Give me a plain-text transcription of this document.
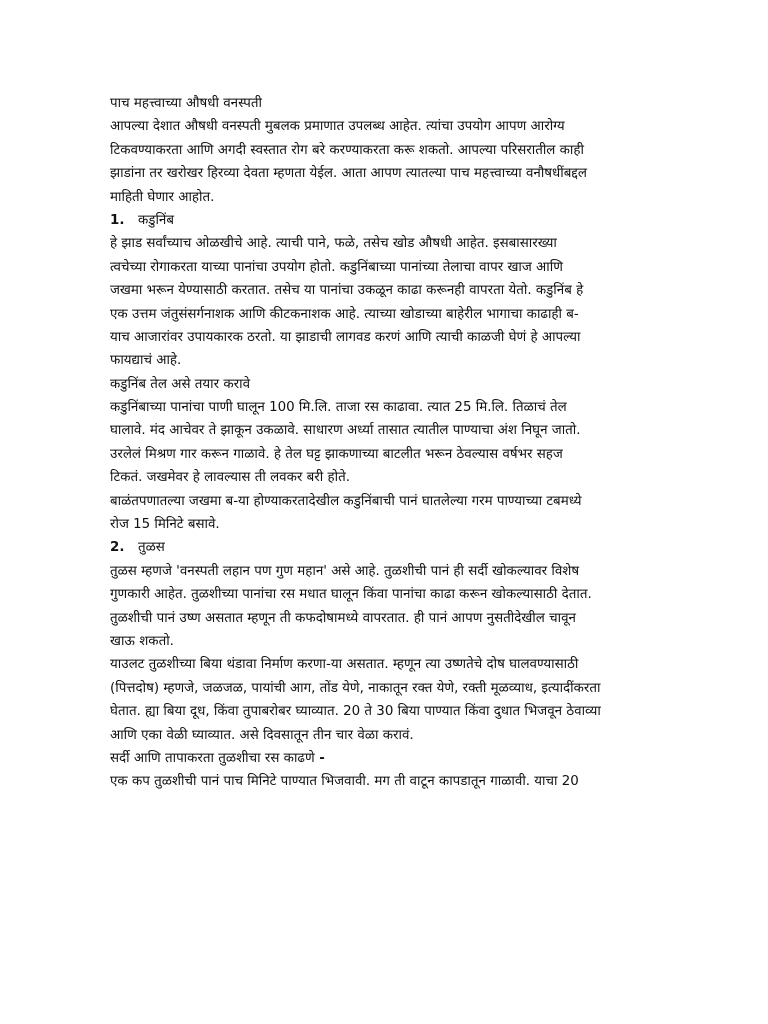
पाच महत्त्वाच्या औषधी वनस्पती
आपल्या देशात औषधी वनस्पती मुबलक प्रमाणात उपलब्ध आहेत. त्यांचा उपयोग आपण आरोग्य
टिकवण्याकरता आणि अगदी स्वस्तात रोग बरे करण्याकरता करू शकतो. आपल्या परिसरातील काही
झाडांना तर खरोखर हिरव्या देवता म्हणता येईल. आता आपण त्यातल्या पाच महत्त्वाच्या वनौषधींबद्दल
माहिती घेणार आहोत.
1. कडुनिंब
हे झाड सर्वांच्याच ओळखीचे आहे. त्याची पाने, फळे, तसेच खोड औषधी आहेत. इसबासारख्या
त्वचेच्या रोगाकरता याच्या पानांचा उपयोग होतो. कडुनिंबाच्या पानांच्या तेलाचा वापर खाज आणि
जखमा भरून येण्यासाठी करतात. तसेच या पानांचा उकळून काढा करूनही वापरता येतो. कडुनिंब हे
एक उत्तम जंतुसंसर्गनाशक आणि कीटकनाशक आहे. त्याच्या खोडाच्या बाहेरील भागाचा काढाही ब-
याच आजारांवर उपायकारक ठरतो. या झाडाची लागवड करणं आणि त्याची काळजी घेणं हे आपल्या
फायद्याचं आहे.
कडुनिंब तेल असे तयार करावे
कडुनिंबाच्या पानांचा पाणी घालून 100 मि.लि. ताजा रस काढावा. त्यात 25 मि.लि. तिळाचं तेल
घालावे. मंद आचेवर ते झाकून उकळावे. साधारण अर्ध्या तासात त्यातील पाण्याचा अंश निघून जातो.
उरलेलं मिश्रण गार करून गाळावे. हे तेल घट्ट झाकणाच्या बाटलीत भरून ठेवल्यास वर्षभर सहज
टिकतं. जखमेवर हे लावल्यास ती लवकर बरी होते.
बाळंतपणातल्या जखमा ब-या होण्याकरतादेखील कडुनिंबाची पानं घातलेल्या गरम पाण्याच्या टबमध्ये
रोज 15 मिनिटे बसावे.
2. तुळस
तुळस म्हणजे 'वनस्पती लहान पण गुण महान' असे आहे. तुळशीची पानं ही सर्दी खोकल्यावर विशेष
गुणकारी आहेत. तुळशीच्या पानांचा रस मधात घालून किंवा पानांचा काढा करून खोकल्यासाठी देतात.
तुळशीची पानं उष्ण असतात म्हणून ती कफदोषामध्ये वापरतात. ही पानं आपण नुसतीदेखील चावून
खाऊ शकतो.
याउलट तुळशीच्या बिया थंडावा निर्माण करणा-या असतात. म्हणून त्या उष्णतेचे दोष घालवण्यासाठी
(पित्तदोष) म्हणजे, जळजळ, पायांची आग, तोंड येणे, नाकातून रक्त येणे, रक्ती मूळव्याध, इत्यादींकरता
घेतात. ह्या बिया दूध, किंवा तुपाबरोबर घ्याव्यात. 20 ते 30 बिया पाण्यात किंवा दुधात भिजवून ठेवाव्या
आणि एका वेळी घ्याव्यात. असे दिवसातून तीन चार वेळा करावं.
सर्दी आणि तापाकरता तुळशीचा रस काढणे -
एक कप तुळशीची पानं पाच मिनिटे पाण्यात भिजवावी. मग ती वाटून कापडातून गाळावी. याचा 20
